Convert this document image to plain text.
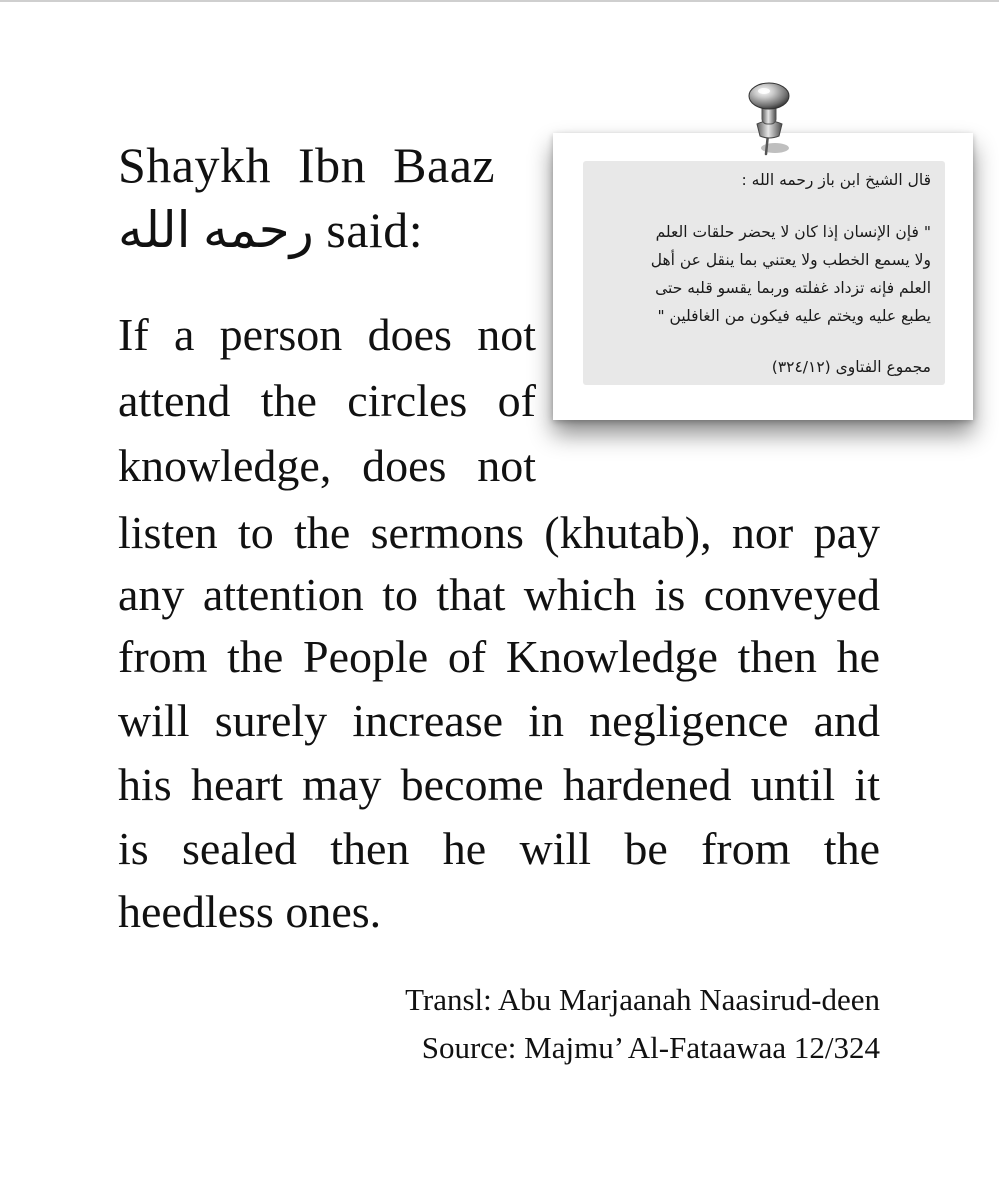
Shaykh Ibn Baaz
رحمه الله said:
If a person does not
attend the circles of
knowledge, does not
listen to the sermons (khutab), nor pay
any attention to that which is conveyed
from the People of Knowledge then he
will surely increase in negligence and
his heart may become hardened until it
is sealed then he will be from the
heedless ones.
Transl: Abu Marjaanah Naasirud-deen
Source: Majmu’ Al-Fataawaa 12/324
قال الشيخ ابن باز رحمه الله :
" فإن الإنسان إذا كان لا يحضر حلقات العلم
ولا يسمع الخطب ولا يعتني بما ينقل عن أهل
العلم فإنه تزداد غفلته وربما يقسو قلبه حتى
يطبع عليه ويختم عليه فيكون من الغافلين "
مجموع الفتاوى (٣٢٤/١٢)
